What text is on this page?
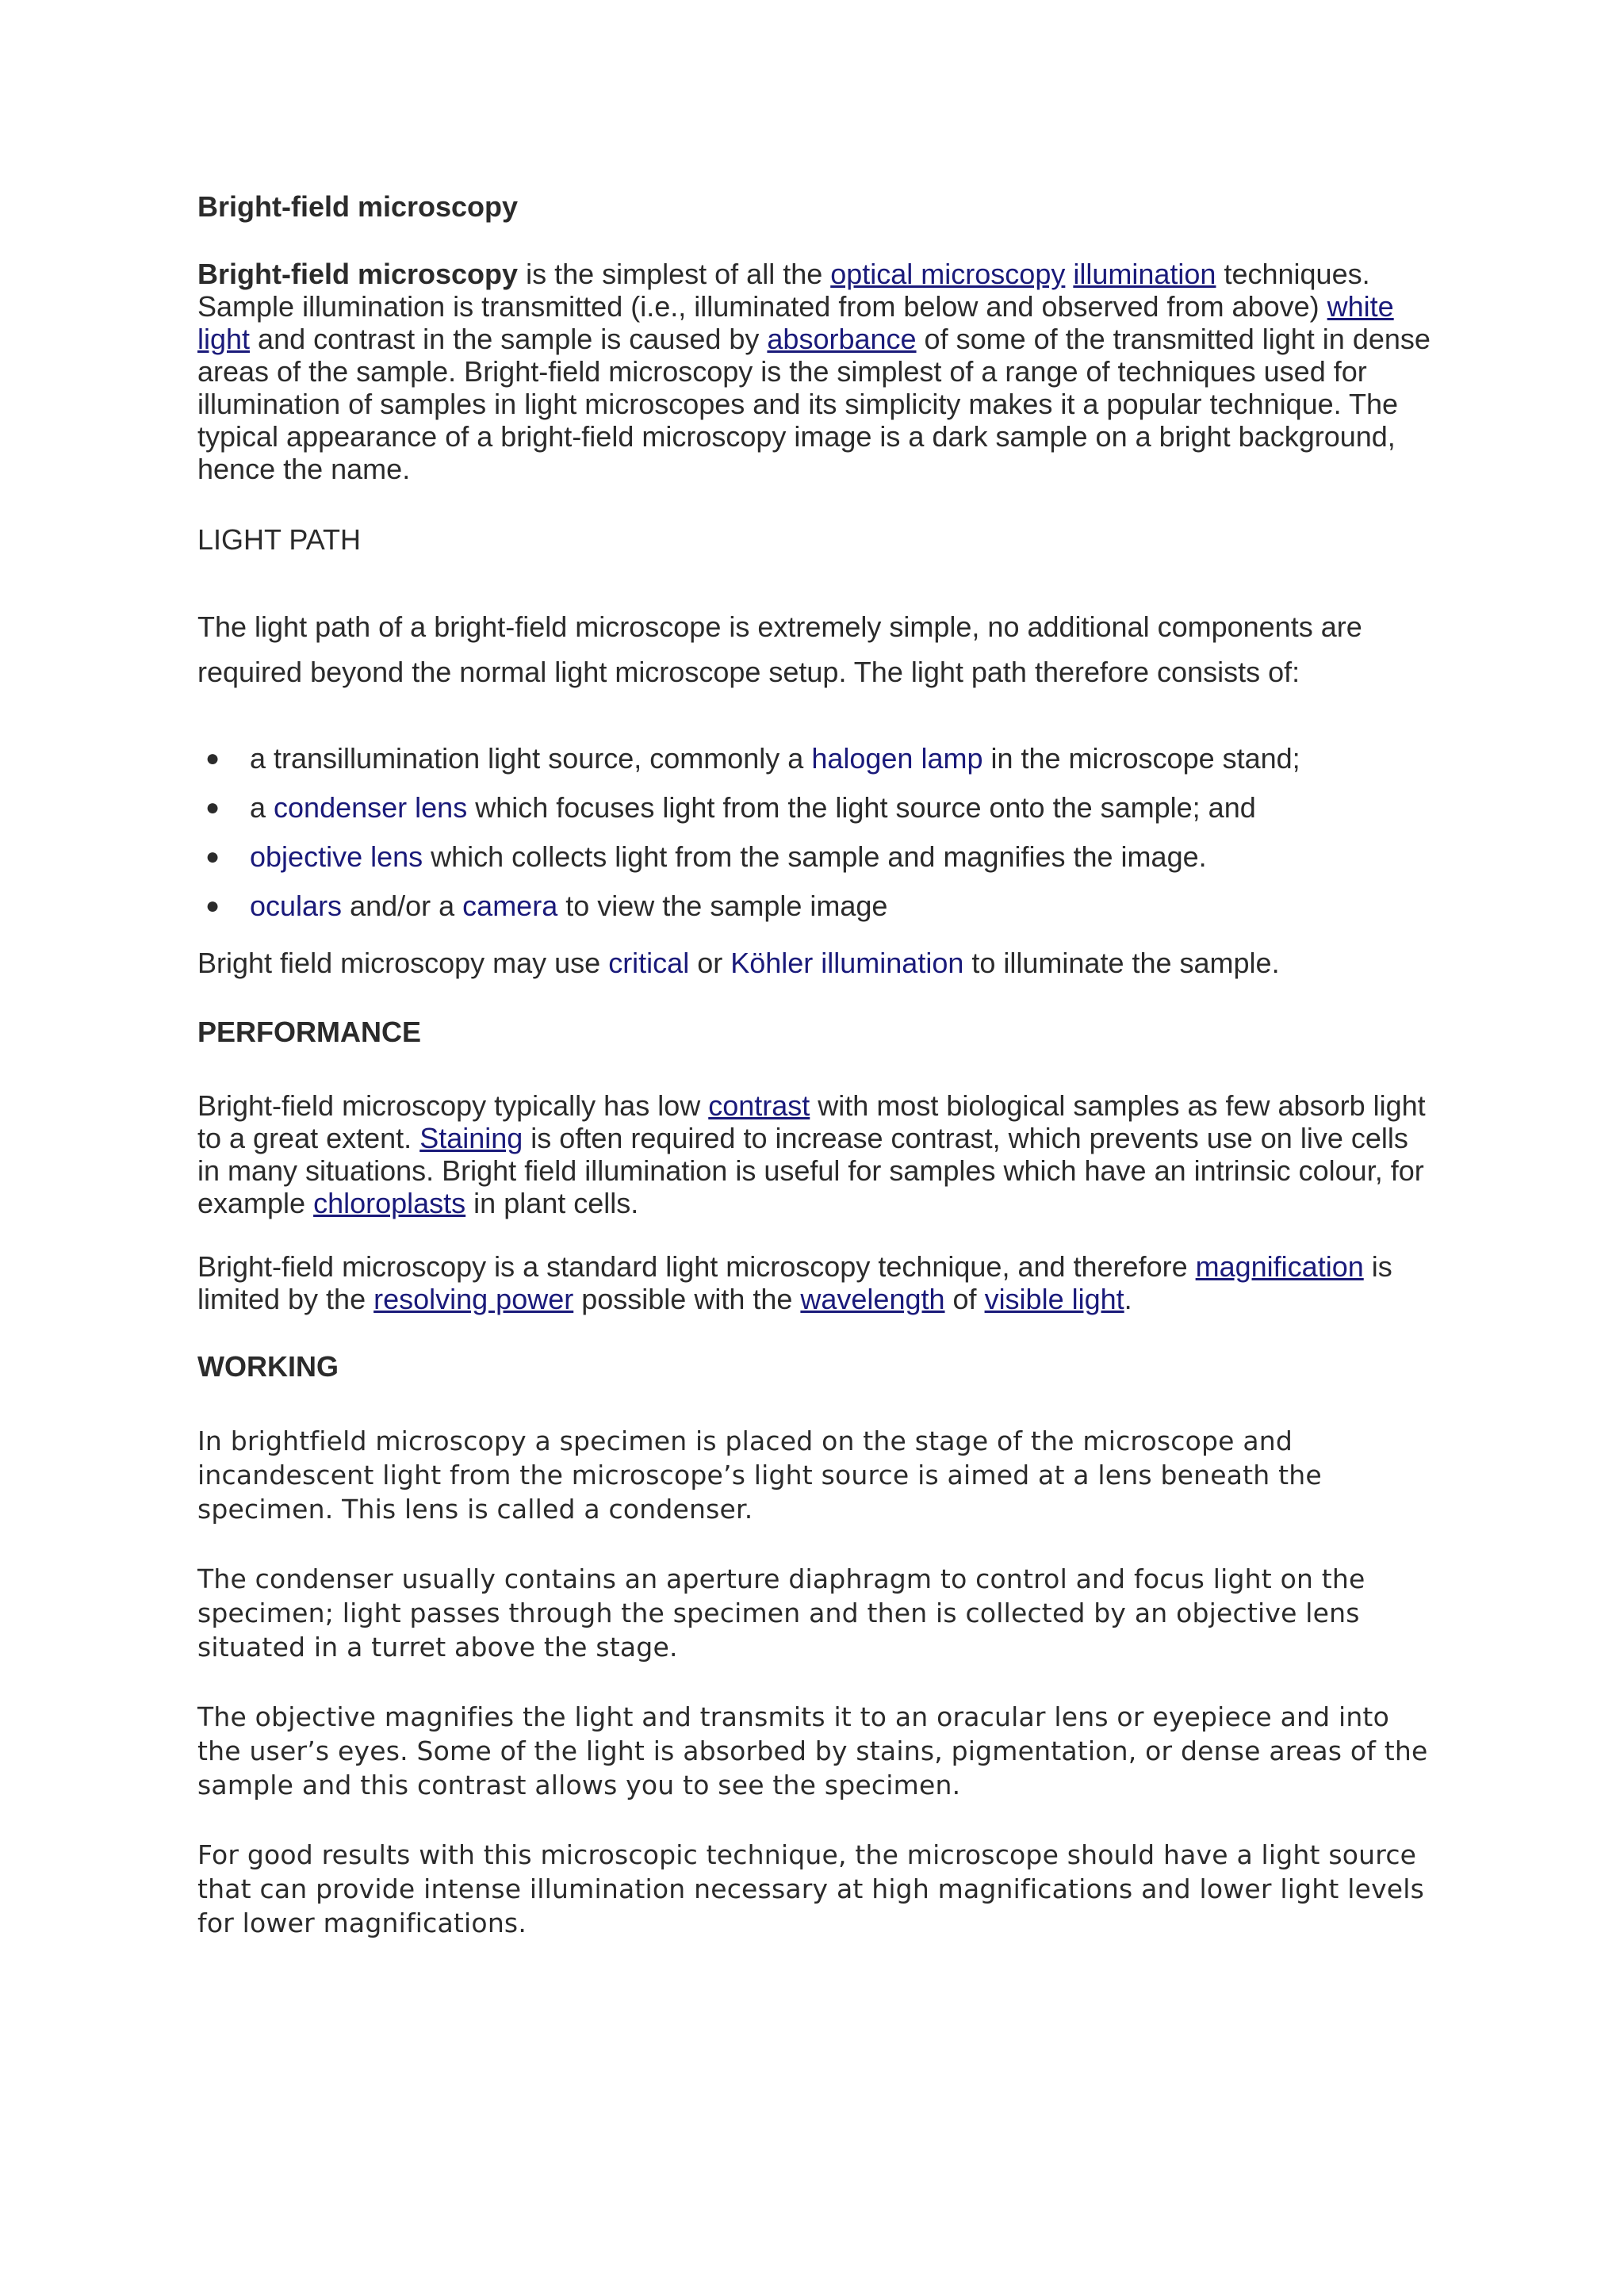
Bright-field microscopy

Bright-field microscopy is the simplest of all the optical microscopy illumination techniques. Sample illumination is transmitted (i.e., illuminated from below and observed from above) white light and contrast in the sample is caused by absorbance of some of the transmitted light in dense areas of the sample. Bright-field microscopy is the simplest of a range of techniques used for illumination of samples in light microscopes and its simplicity makes it a popular technique. The typical appearance of a bright-field microscopy image is a dark sample on a bright background, hence the name.

LIGHT PATH

The light path of a bright-field microscope is extremely simple, no additional components are required beyond the normal light microscope setup. The light path therefore consists of:

● a transillumination light source, commonly a halogen lamp in the microscope stand;
● a condenser lens which focuses light from the light source onto the sample; and
● objective lens which collects light from the sample and magnifies the image.
● oculars and/or a camera to view the sample image

Bright field microscopy may use critical or Köhler illumination to illuminate the sample.

PERFORMANCE

Bright-field microscopy typically has low contrast with most biological samples as few absorb light to a great extent. Staining is often required to increase contrast, which prevents use on live cells in many situations. Bright field illumination is useful for samples which have an intrinsic colour, for example chloroplasts in plant cells.

Bright-field microscopy is a standard light microscopy technique, and therefore magnification is limited by the resolving power possible with the wavelength of visible light.

WORKING

In brightfield microscopy a specimen is placed on the stage of the microscope and incandescent light from the microscope’s light source is aimed at a lens beneath the specimen. This lens is called a condenser.

The condenser usually contains an aperture diaphragm to control and focus light on the specimen; light passes through the specimen and then is collected by an objective lens situated in a turret above the stage.

The objective magnifies the light and transmits it to an oracular lens or eyepiece and into the user’s eyes. Some of the light is absorbed by stains, pigmentation, or dense areas of the sample and this contrast allows you to see the specimen.

For good results with this microscopic technique, the microscope should have a light source that can provide intense illumination necessary at high magnifications and lower light levels for lower magnifications.
